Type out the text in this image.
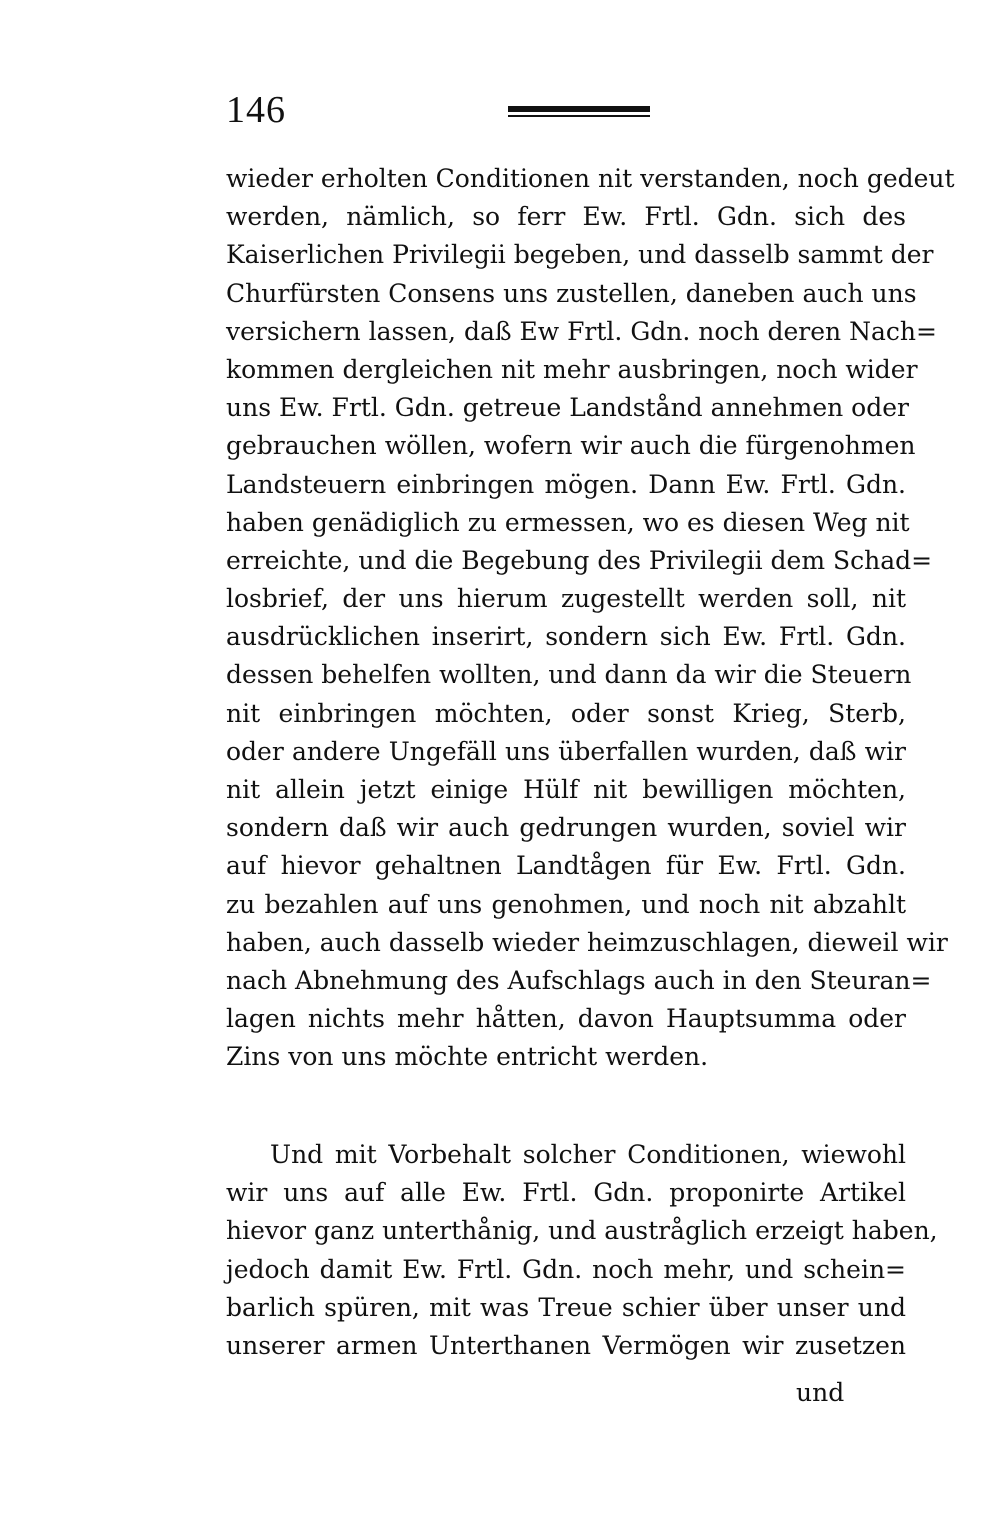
146
wieder erholten Conditionen nit verstanden, noch gedeut
werden, nämlich, so ferr Ew. Frtl. Gdn. sich des
Kaiserlichen Privilegii begeben, und dasselb sammt der
Churfürsten Consens uns zustellen, daneben auch uns
versichern lassen, daß Ew Frtl. Gdn. noch deren Nach=
kommen dergleichen nit mehr ausbringen, noch wider
uns Ew. Frtl. Gdn. getreue Landstånd annehmen oder
gebrauchen wöllen, wofern wir auch die fürgenohmen
Landsteuern einbringen mögen. Dann Ew. Frtl. Gdn.
haben genädiglich zu ermessen, wo es diesen Weg nit
erreichte, und die Begebung des Privilegii dem Schad=
losbrief, der uns hierum zugestellt werden soll, nit
ausdrücklichen inserirt, sondern sich Ew. Frtl. Gdn.
dessen behelfen wollten, und dann da wir die Steuern
nit einbringen möchten, oder sonst Krieg, Sterb,
oder andere Ungefäll uns überfallen wurden, daß wir
nit allein jetzt einige Hülf nit bewilligen möchten,
sondern daß wir auch gedrungen wurden, soviel wir
auf hievor gehaltnen Landtågen für Ew. Frtl. Gdn.
zu bezahlen auf uns genohmen, und noch nit abzahlt
haben, auch dasselb wieder heimzuschlagen, dieweil wir
nach Abnehmung des Aufschlags auch in den Steuran=
lagen nichts mehr håtten, davon Hauptsumma oder
Zins von uns möchte entricht werden.
Und mit Vorbehalt solcher Conditionen, wiewohl
wir uns auf alle Ew. Frtl. Gdn. proponirte Artikel
hievor ganz unterthånig, und austråglich erzeigt haben,
jedoch damit Ew. Frtl. Gdn. noch mehr, und schein=
barlich spüren, mit was Treue schier über unser und
unserer armen Unterthanen Vermögen wir zusetzen
und
